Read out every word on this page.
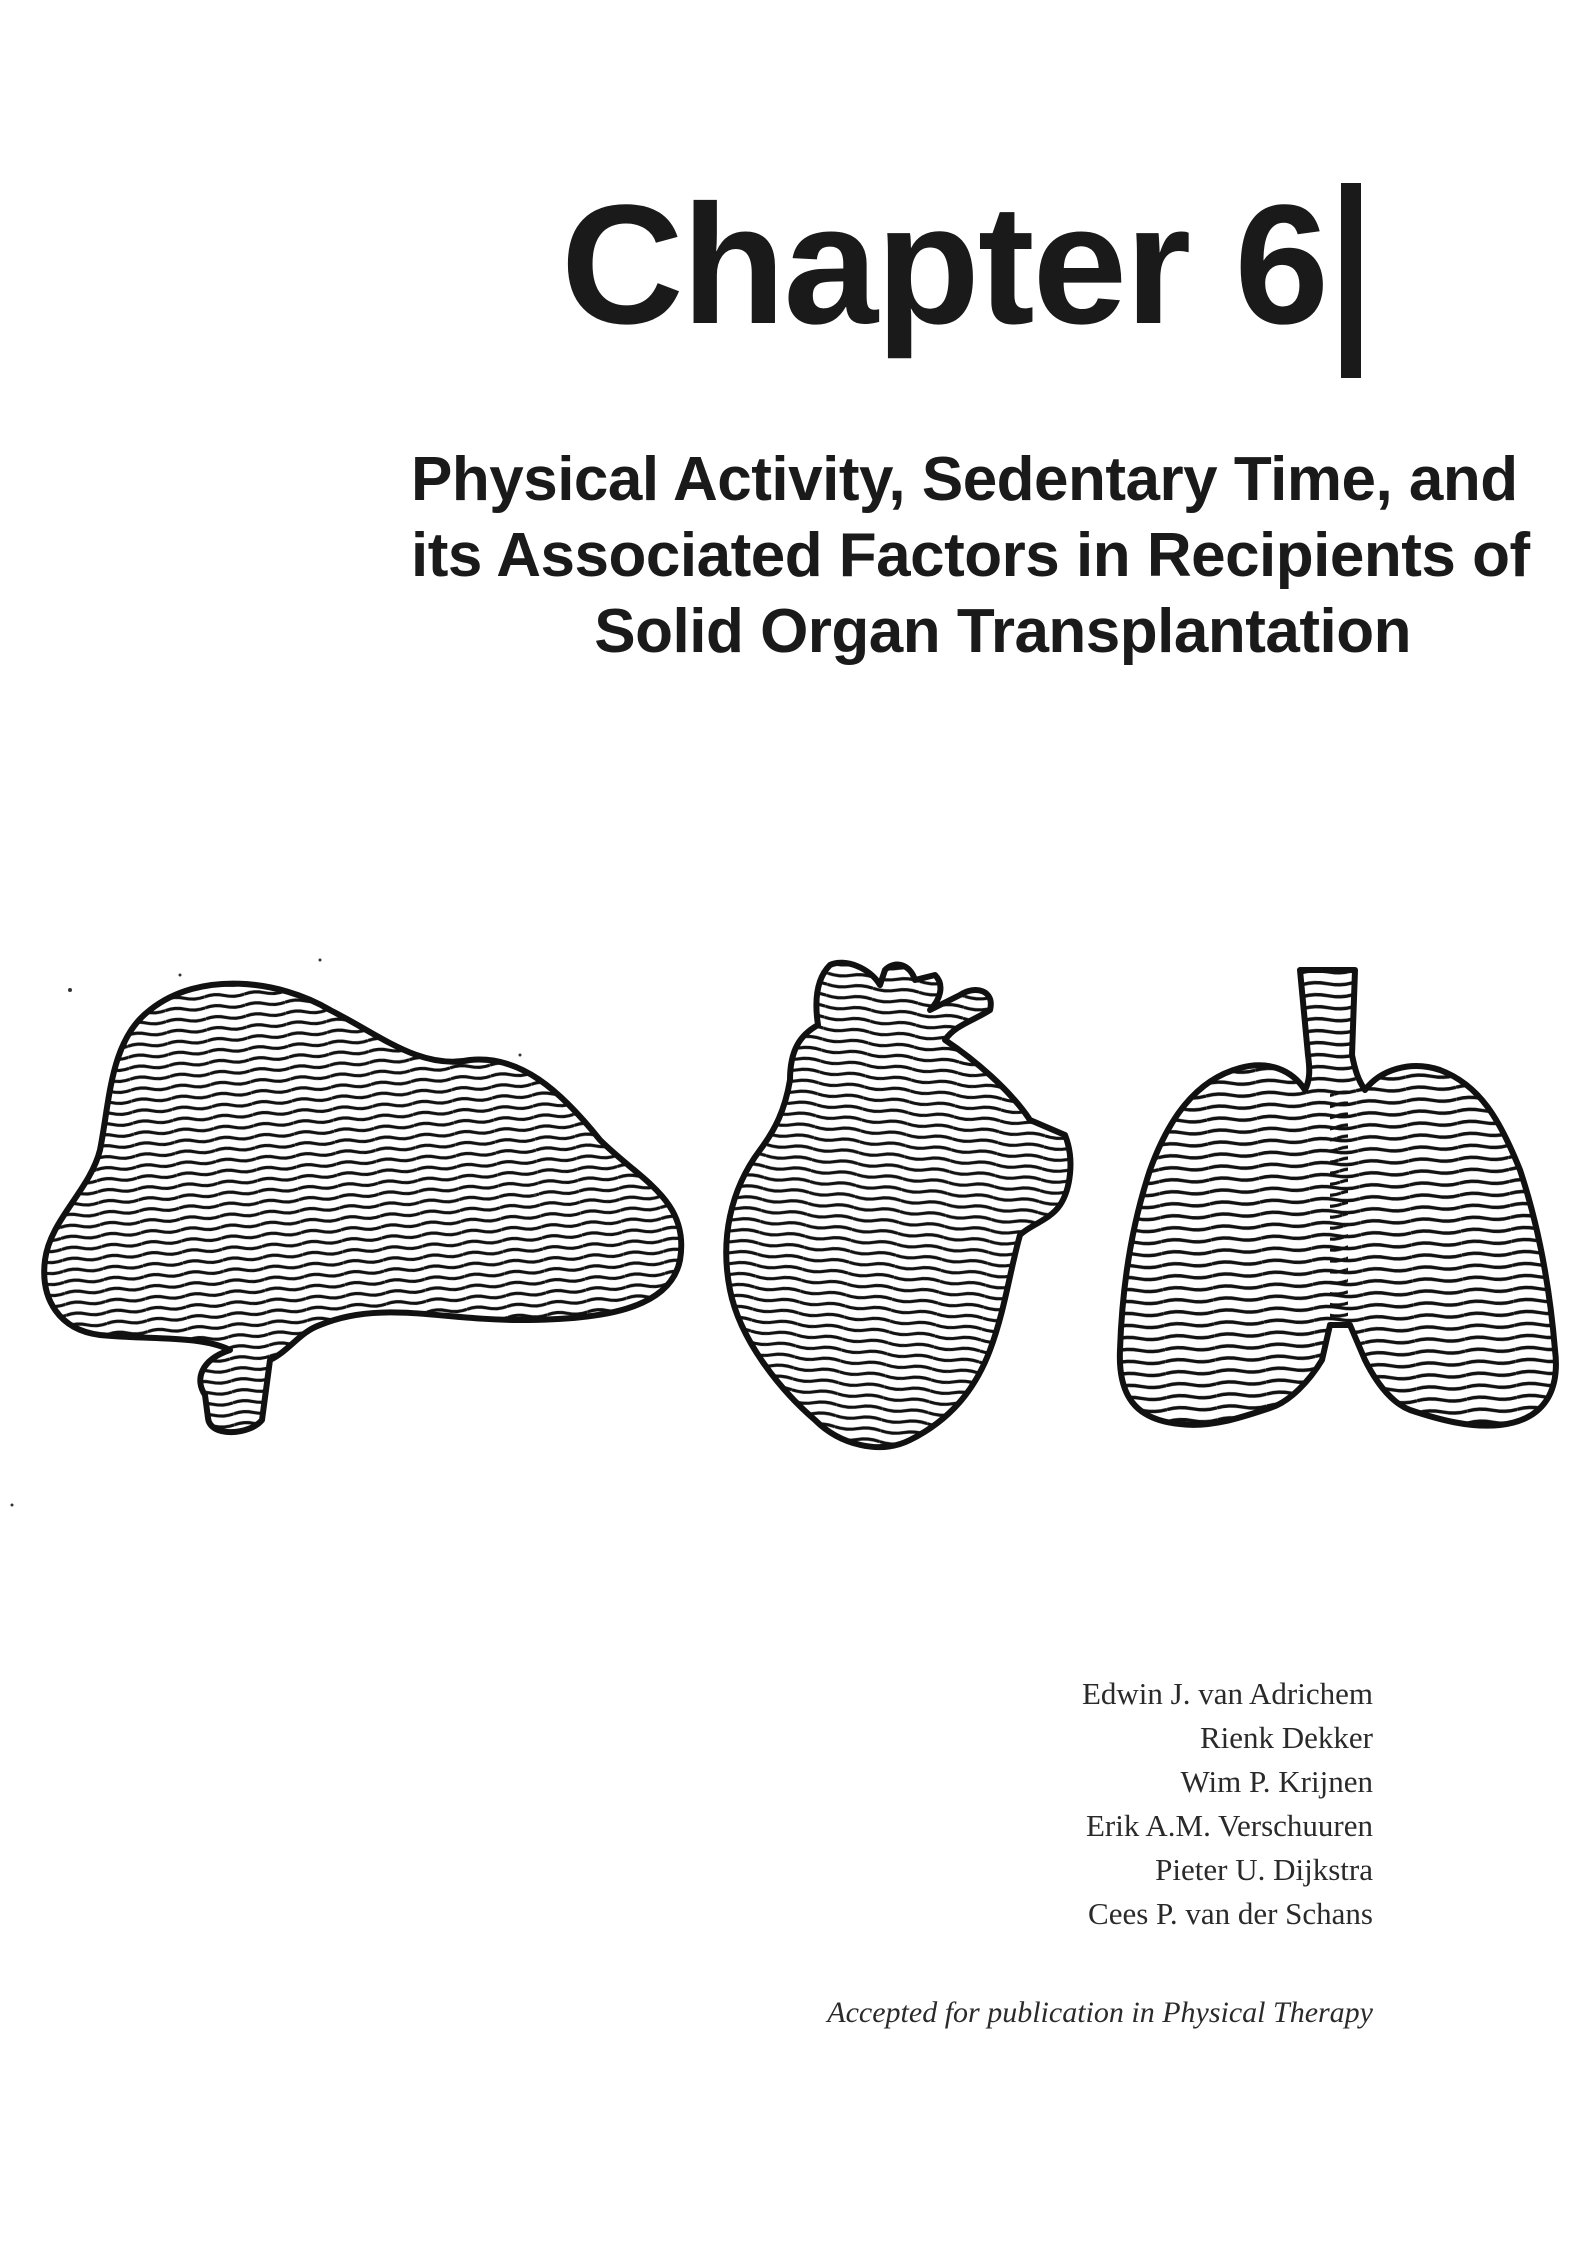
Chapter 6
Physical Activity, Sedentary Time, and
its Associated Factors in Recipients of
Solid Organ Transplantation
Edwin J. van Adrichem
Rienk Dekker
Wim P. Krijnen
Erik A.M. Verschuuren
Pieter U. Dijkstra
Cees P. van der Schans
Accepted for publication in Physical Therapy
